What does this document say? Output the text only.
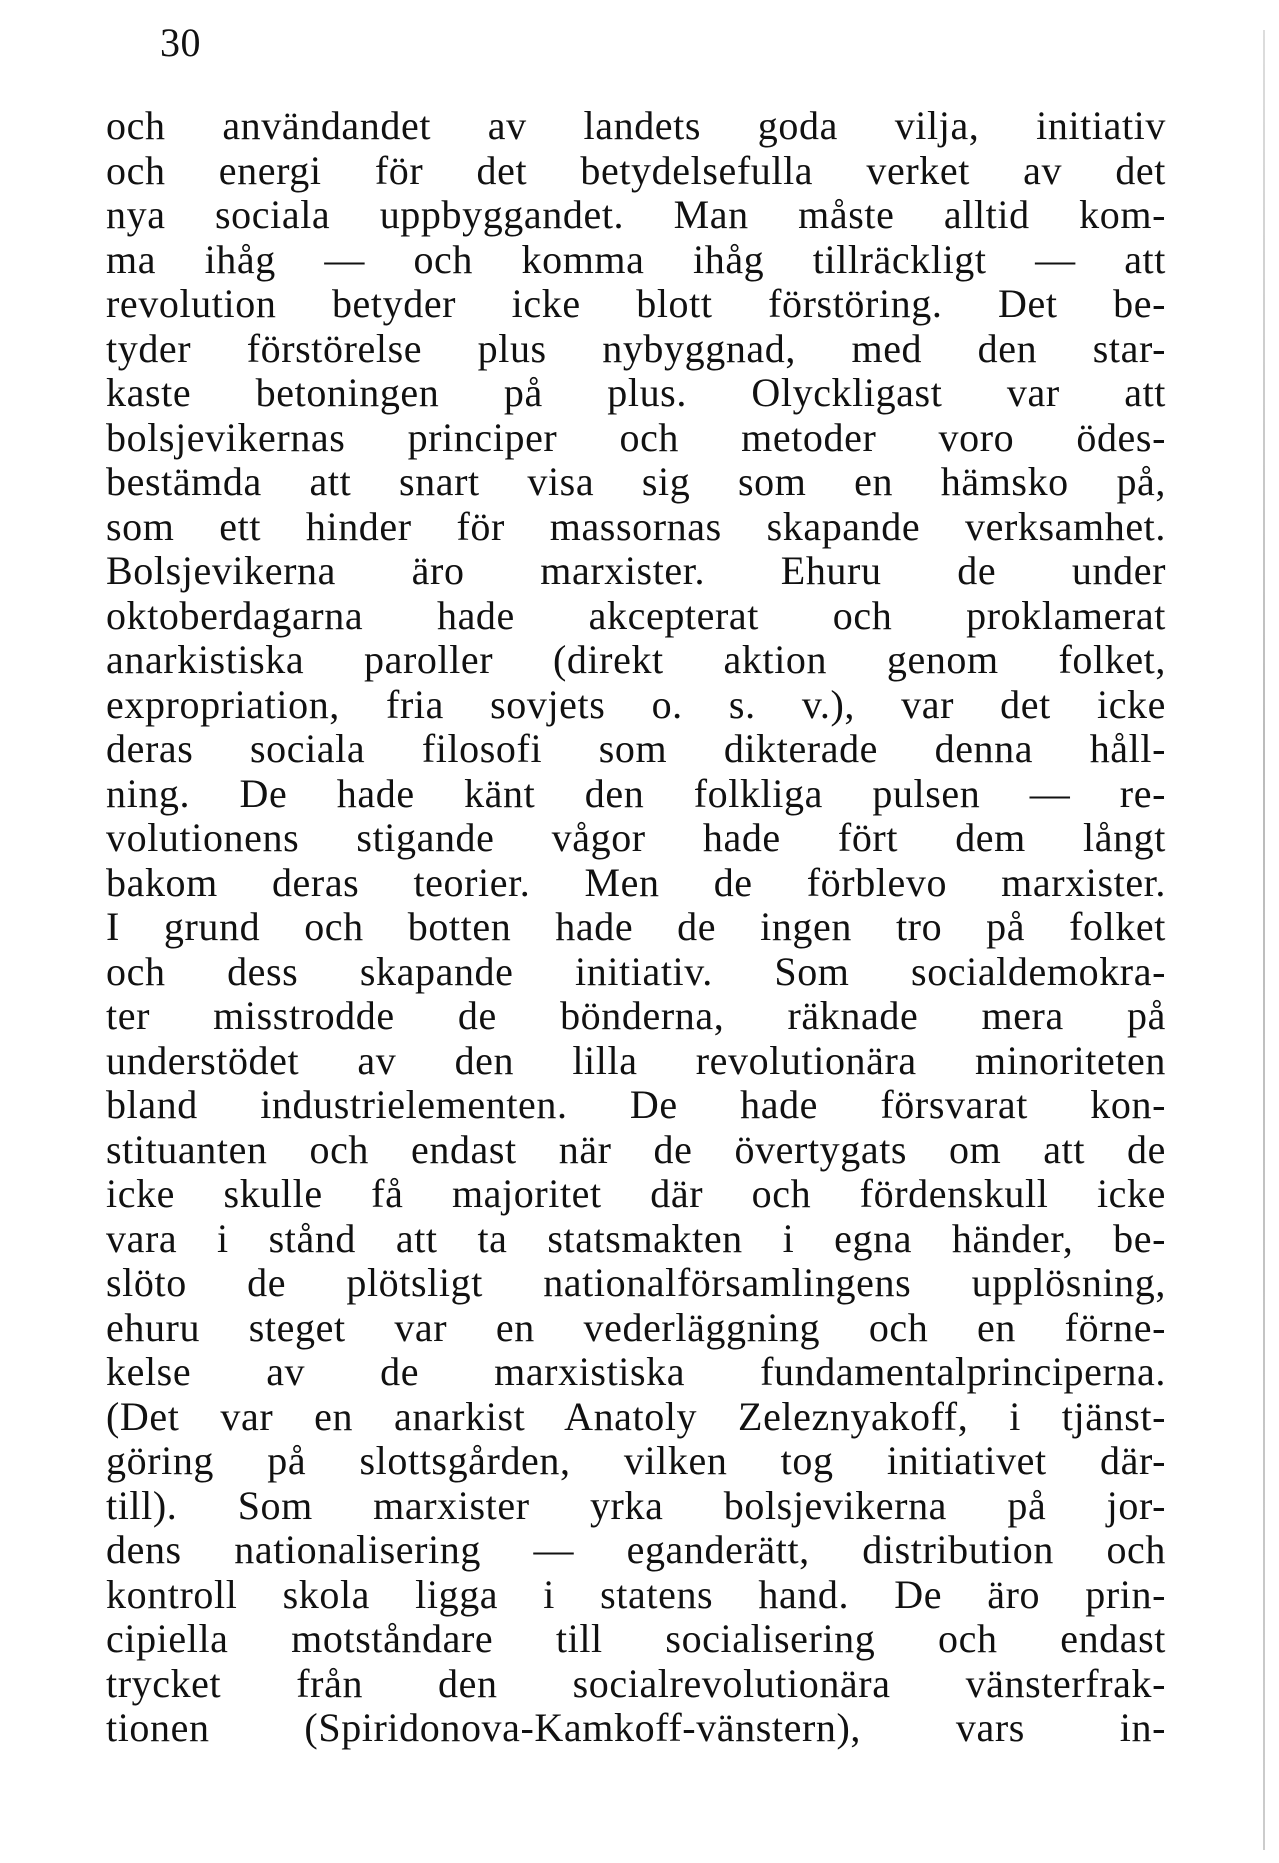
30
och användandet av landets goda vilja, initiativ
och energi för det betydelsefulla verket av det
nya sociala uppbyggandet. Man måste alltid kom-
ma ihåg — och komma ihåg tillräckligt — att
revolution betyder icke blott förstöring. Det be-
tyder förstörelse plus nybyggnad, med den star-
kaste betoningen på plus. Olyckligast var att
bolsjevikernas principer och metoder voro ödes-
bestämda att snart visa sig som en hämsko på,
som ett hinder för massornas skapande verksamhet.
Bolsjevikerna äro marxister. Ehuru de under
oktoberdagarna hade akcepterat och proklamerat
anarkistiska paroller (direkt aktion genom folket,
expropriation, fria sovjets o. s. v.), var det icke
deras sociala filosofi som dikterade denna håll-
ning. De hade känt den folkliga pulsen — re-
volutionens stigande vågor hade fört dem långt
bakom deras teorier. Men de förblevo marxister.
I grund och botten hade de ingen tro på folket
och dess skapande initiativ. Som socialdemokra-
ter misstrodde de bönderna, räknade mera på
understödet av den lilla revolutionära minoriteten
bland industrielementen. De hade försvarat kon-
stituanten och endast när de övertygats om att de
icke skulle få majoritet där och fördenskull icke
vara i stånd att ta statsmakten i egna händer, be-
slöto de plötsligt nationalförsamlingens upplösning,
ehuru steget var en vederläggning och en förne-
kelse av de marxistiska fundamentalprinciperna.
(Det var en anarkist Anatoly Zeleznyakoff, i tjänst-
göring på slottsgården, vilken tog initiativet där-
till). Som marxister yrka bolsjevikerna på jor-
dens nationalisering — eganderätt, distribution och
kontroll skola ligga i statens hand. De äro prin-
cipiella motståndare till socialisering och endast
trycket från den socialrevolutionära vänsterfrak-
tionen (Spiridonova-Kamkoff-vänstern), vars in-
